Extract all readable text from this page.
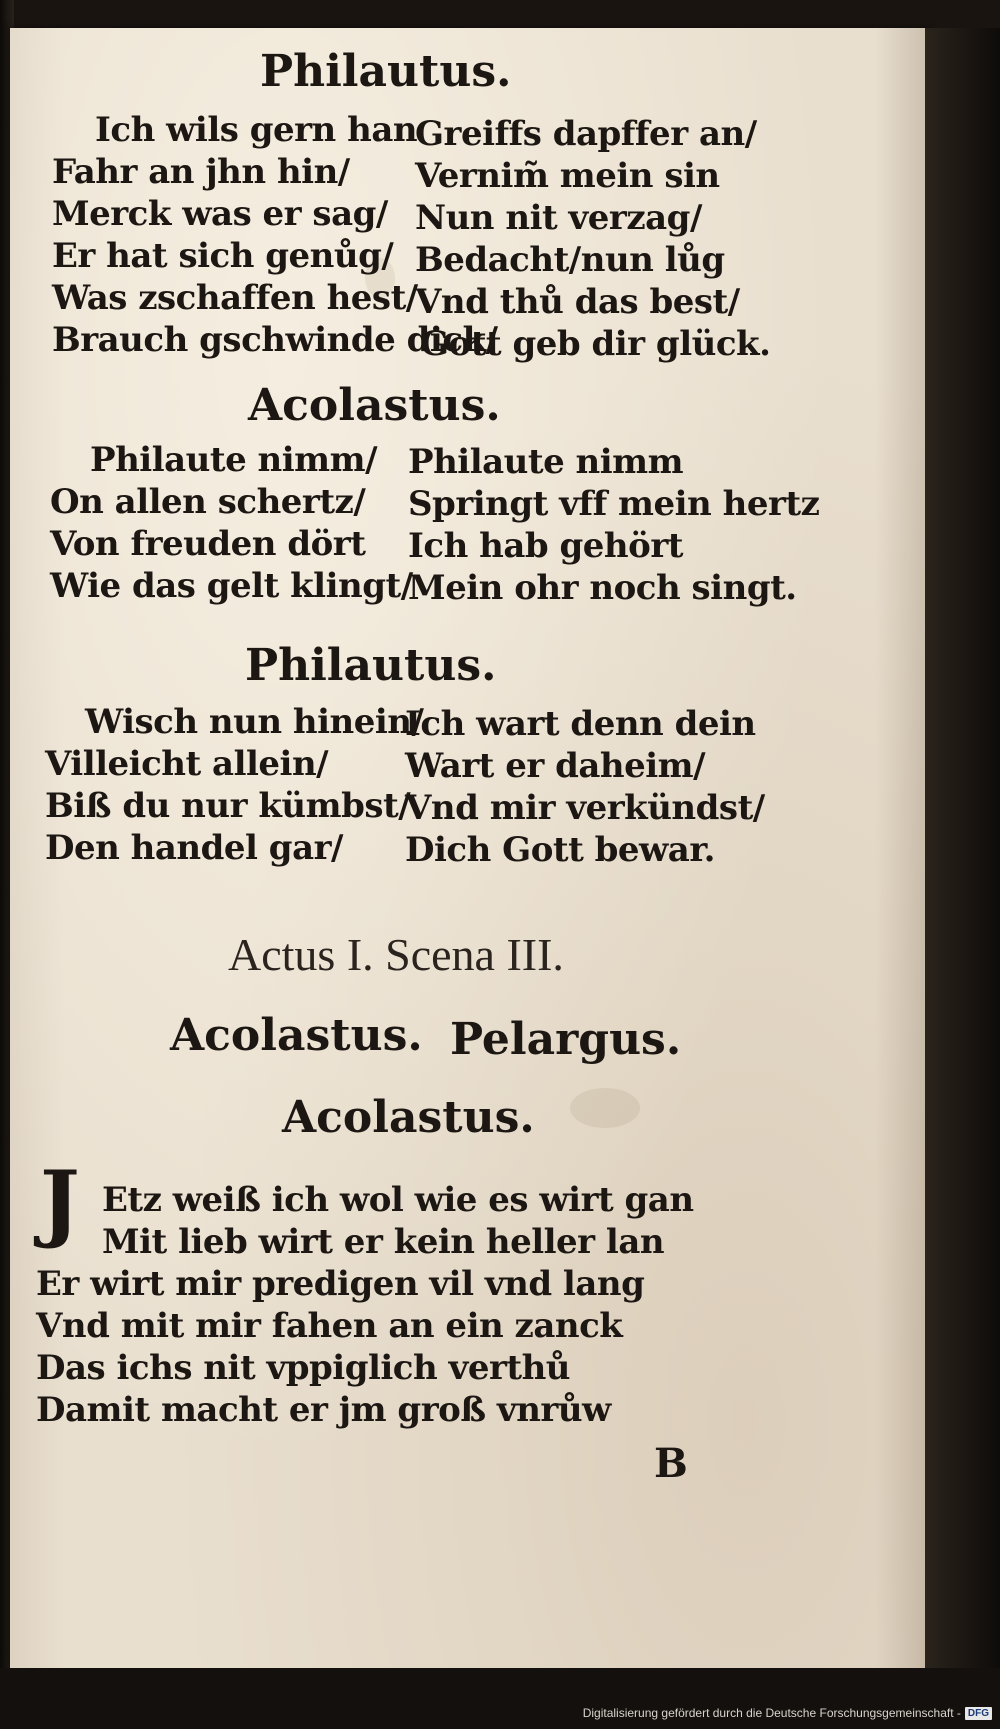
Philautus.
Ich wils gern han
Fahr an jhn hin/
Merck was er sag/
Er hat sich genůg/
Was zschaffen hest/
Brauch gschwinde dick/
Greiffs dapffer an/
Vernim̃ mein sin
Nun nit verzag/
Bedacht/nun lůg
Vnd thů das best/
Gott geb dir glück.
Acolastus.
Philaute nimm/
On allen schertz/
Von freuden dört
Wie das gelt klingt/
Philaute nimm
Springt vff mein hertz
Ich hab gehört
Mein ohr noch singt.
Philautus.
Wisch nun hinein/
Villeicht allein/
Biß du nur kümbst/
Den handel gar/
Ich wart denn dein
Wart er daheim/
Vnd mir verkündst/
Dich Gott bewar.
Actus I. Scena III.
Acolastus. Pelargus.
Acolastus.
J Etz weiß ich wol wie es wirt gan
Mit lieb wirt er kein heller lan
Er wirt mir predigen vil vnd lang
Vnd mit mir fahen an ein zanck
Das ichs nit vppiglich verthů
Damit macht er jm groß vnrůw
B
Digitalisierung gefördert durch die Deutsche Forschungsgemeinschaft - DFG
